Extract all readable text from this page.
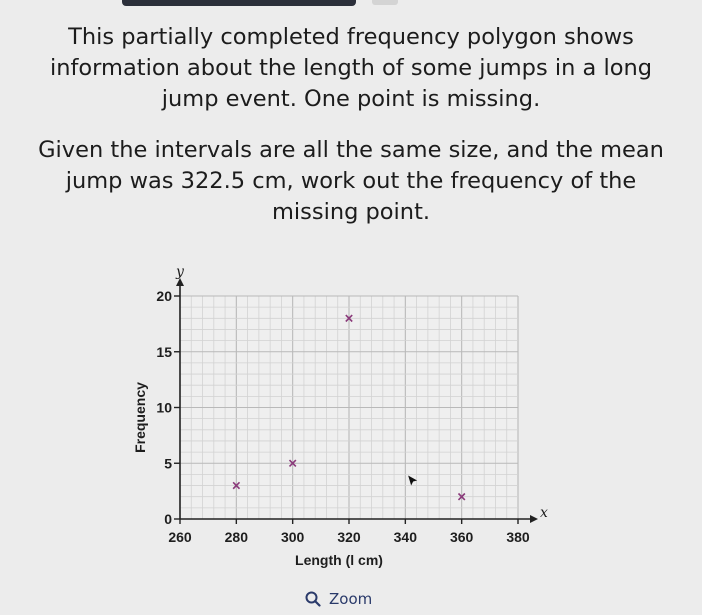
This partially completed frequency polygon shows
information about the length of some jumps in a long
jump event. One point is missing.

Given the intervals are all the same size, and the mean
jump was 322.5 cm, work out the frequency of the
missing point.

260 280 300 320 340 360 380
0
5
10
15
20
y
x
Length (l cm)
Frequency
Zoom
